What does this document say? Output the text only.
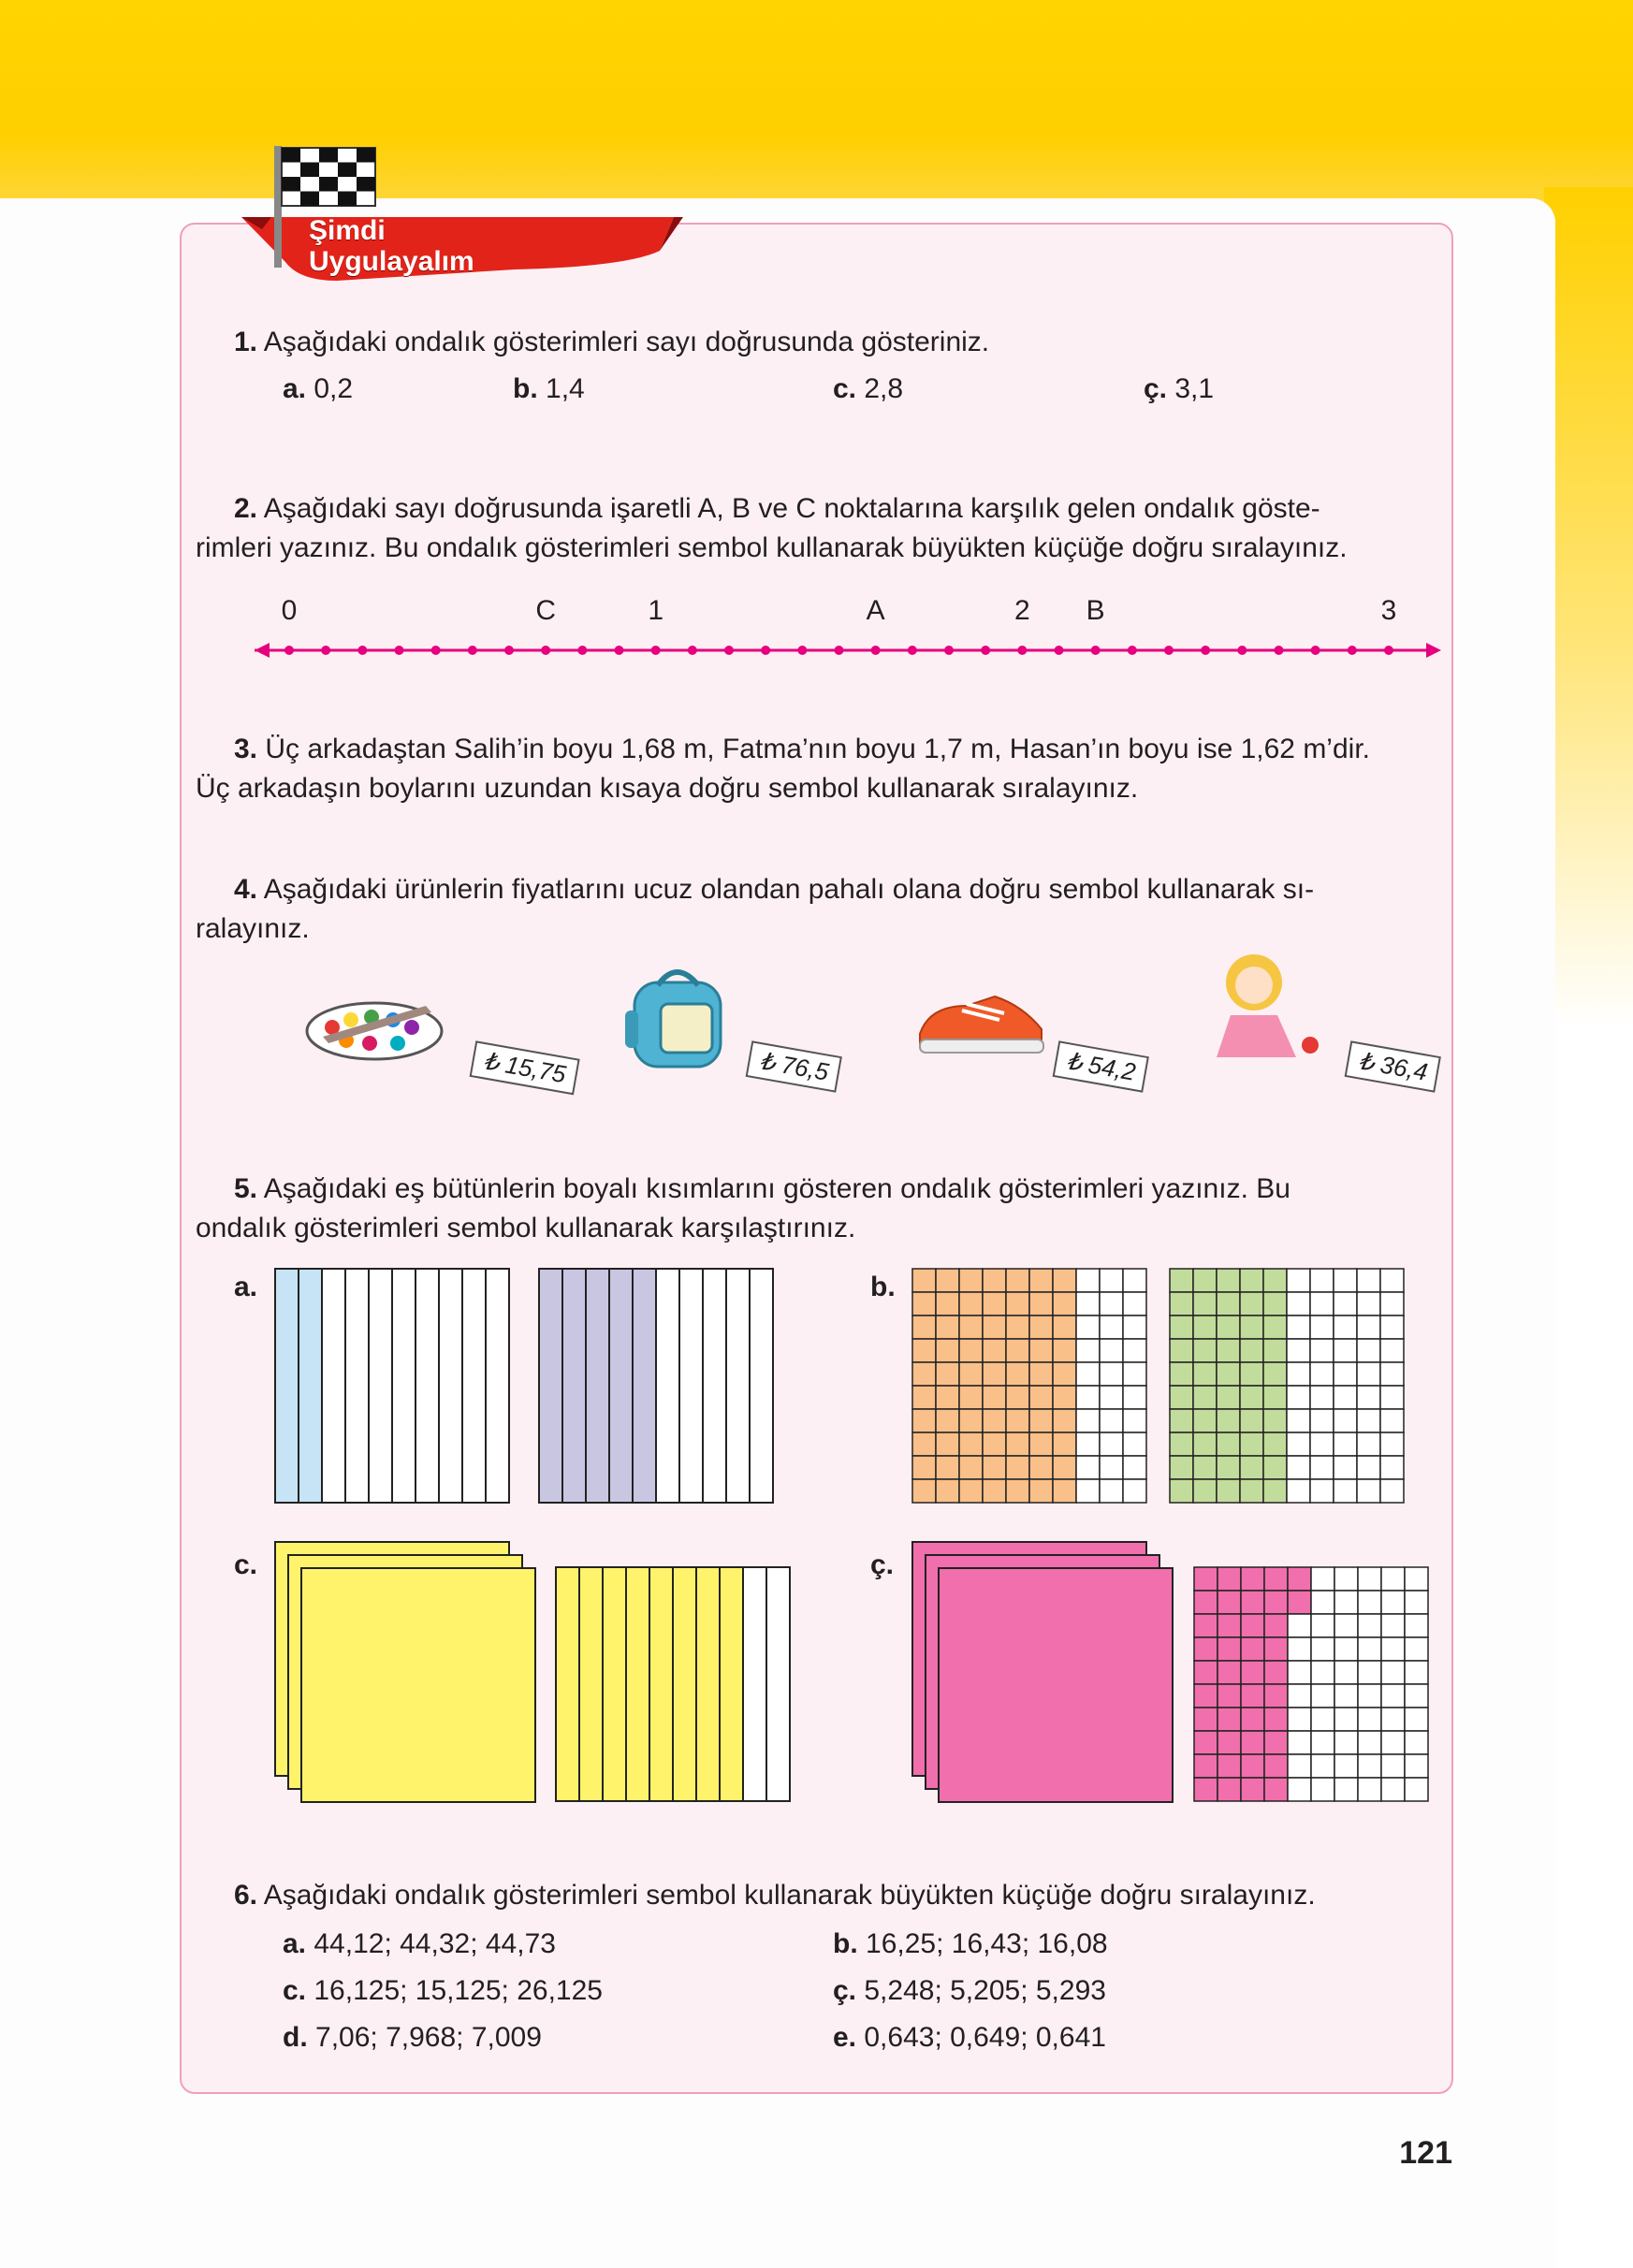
Şimdi
Uygulayalım
1. Aşağıdaki ondalık gösterimleri sayı doğrusunda gösteriniz.
a. 0,2	b. 1,4	c. 2,8	ç. 3,1
2. Aşağıdaki sayı doğrusunda işaretli A, B ve C noktalarına karşılık gelen ondalık göste-
rimleri yazınız. Bu ondalık gösterimleri sembol kullanarak büyükten küçüğe doğru sıralayınız.
0	C	1	A	2 B	3
3. Üç arkadaştan Salih’in boyu 1,68 m, Fatma’nın boyu 1,7 m, Hasan’ın boyu ise 1,62 m’dir.
Üç arkadaşın boylarını uzundan kısaya doğru sembol kullanarak sıralayınız.
4. Aşağıdaki ürünlerin fiyatlarını ucuz olandan pahalı olana doğru sembol kullanarak sı-
ralayınız.
₺ 15,75	₺ 76,5	₺ 54,2	₺ 36,4
5. Aşağıdaki eş bütünlerin boyalı kısımlarını gösteren ondalık gösterimleri yazınız. Bu
ondalık gösterimleri sembol kullanarak karşılaştırınız.
a.	b.
c.	ç.
6. Aşağıdaki ondalık gösterimleri sembol kullanarak büyükten küçüğe doğru sıralayınız.
a. 44,12; 44,32; 44,73	b. 16,25; 16,43; 16,08
c. 16,125; 15,125; 26,125	ç. 5,248; 5,205; 5,293
d. 7,06; 7,968; 7,009	e. 0,643; 0,649; 0,641
121
